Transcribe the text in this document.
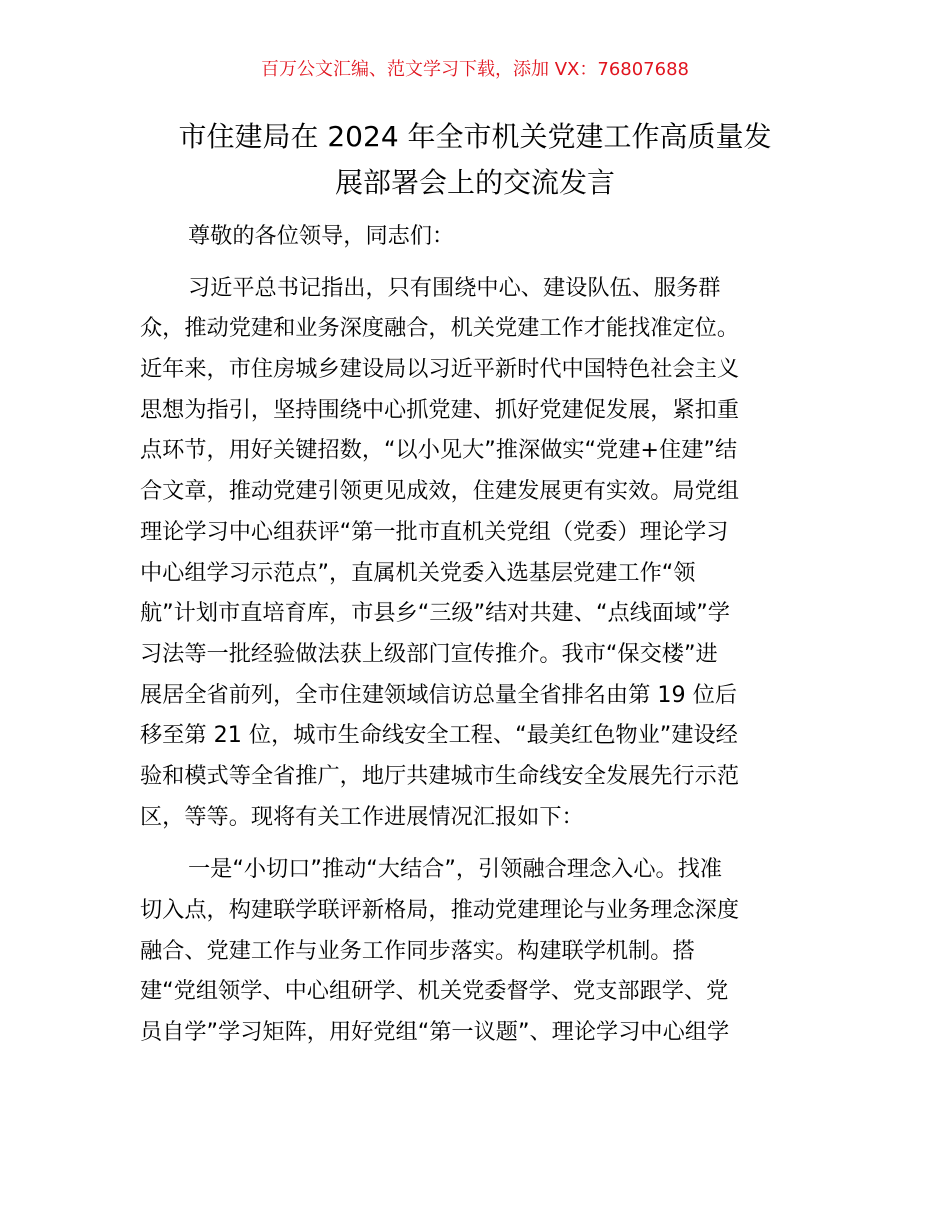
百万公文汇编、范文学习下载，添加 VX：76807688
市住建局在 2024 年全市机关党建工作高质量发
展部署会上的交流发言
尊敬的各位领导，同志们：
习近平总书记指出，只有围绕中心、建设队伍、服务群
众，推动党建和业务深度融合，机关党建工作才能找准定位。
近年来，市住房城乡建设局以习近平新时代中国特色社会主义
思想为指引，坚持围绕中心抓党建、抓好党建促发展，紧扣重
点环节，用好关键招数，“以小见大”推深做实“党建+住建”结
合文章，推动党建引领更见成效，住建发展更有实效。局党组
理论学习中心组获评“第一批市直机关党组（党委）理论学习
中心组学习示范点”，直属机关党委入选基层党建工作“领
航”计划市直培育库，市县乡“三级”结对共建、“点线面域”学
习法等一批经验做法获上级部门宣传推介。我市“保交楼”进
展居全省前列，全市住建领域信访总量全省排名由第 19 位后
移至第 21 位，城市生命线安全工程、“最美红色物业”建设经
验和模式等全省推广，地厅共建城市生命线安全发展先行示范
区，等等。现将有关工作进展情况汇报如下：
一是“小切口”推动“大结合”，引领融合理念入心。找准
切入点，构建联学联评新格局，推动党建理论与业务理念深度
融合、党建工作与业务工作同步落实。构建联学机制。搭
建“党组领学、中心组研学、机关党委督学、党支部跟学、党
员自学”学习矩阵，用好党组“第一议题”、理论学习中心组学
